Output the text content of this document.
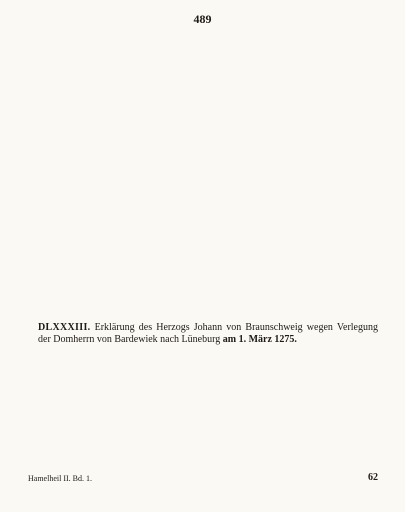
489
DLXXXIII. Erklärung des Herzogs Johann von Braunschweig wegen Verlegung der Domherrn von Bardewiek nach Lüneburg am 1. März 1275.
Hamelheil II. Bd. 1.	62
